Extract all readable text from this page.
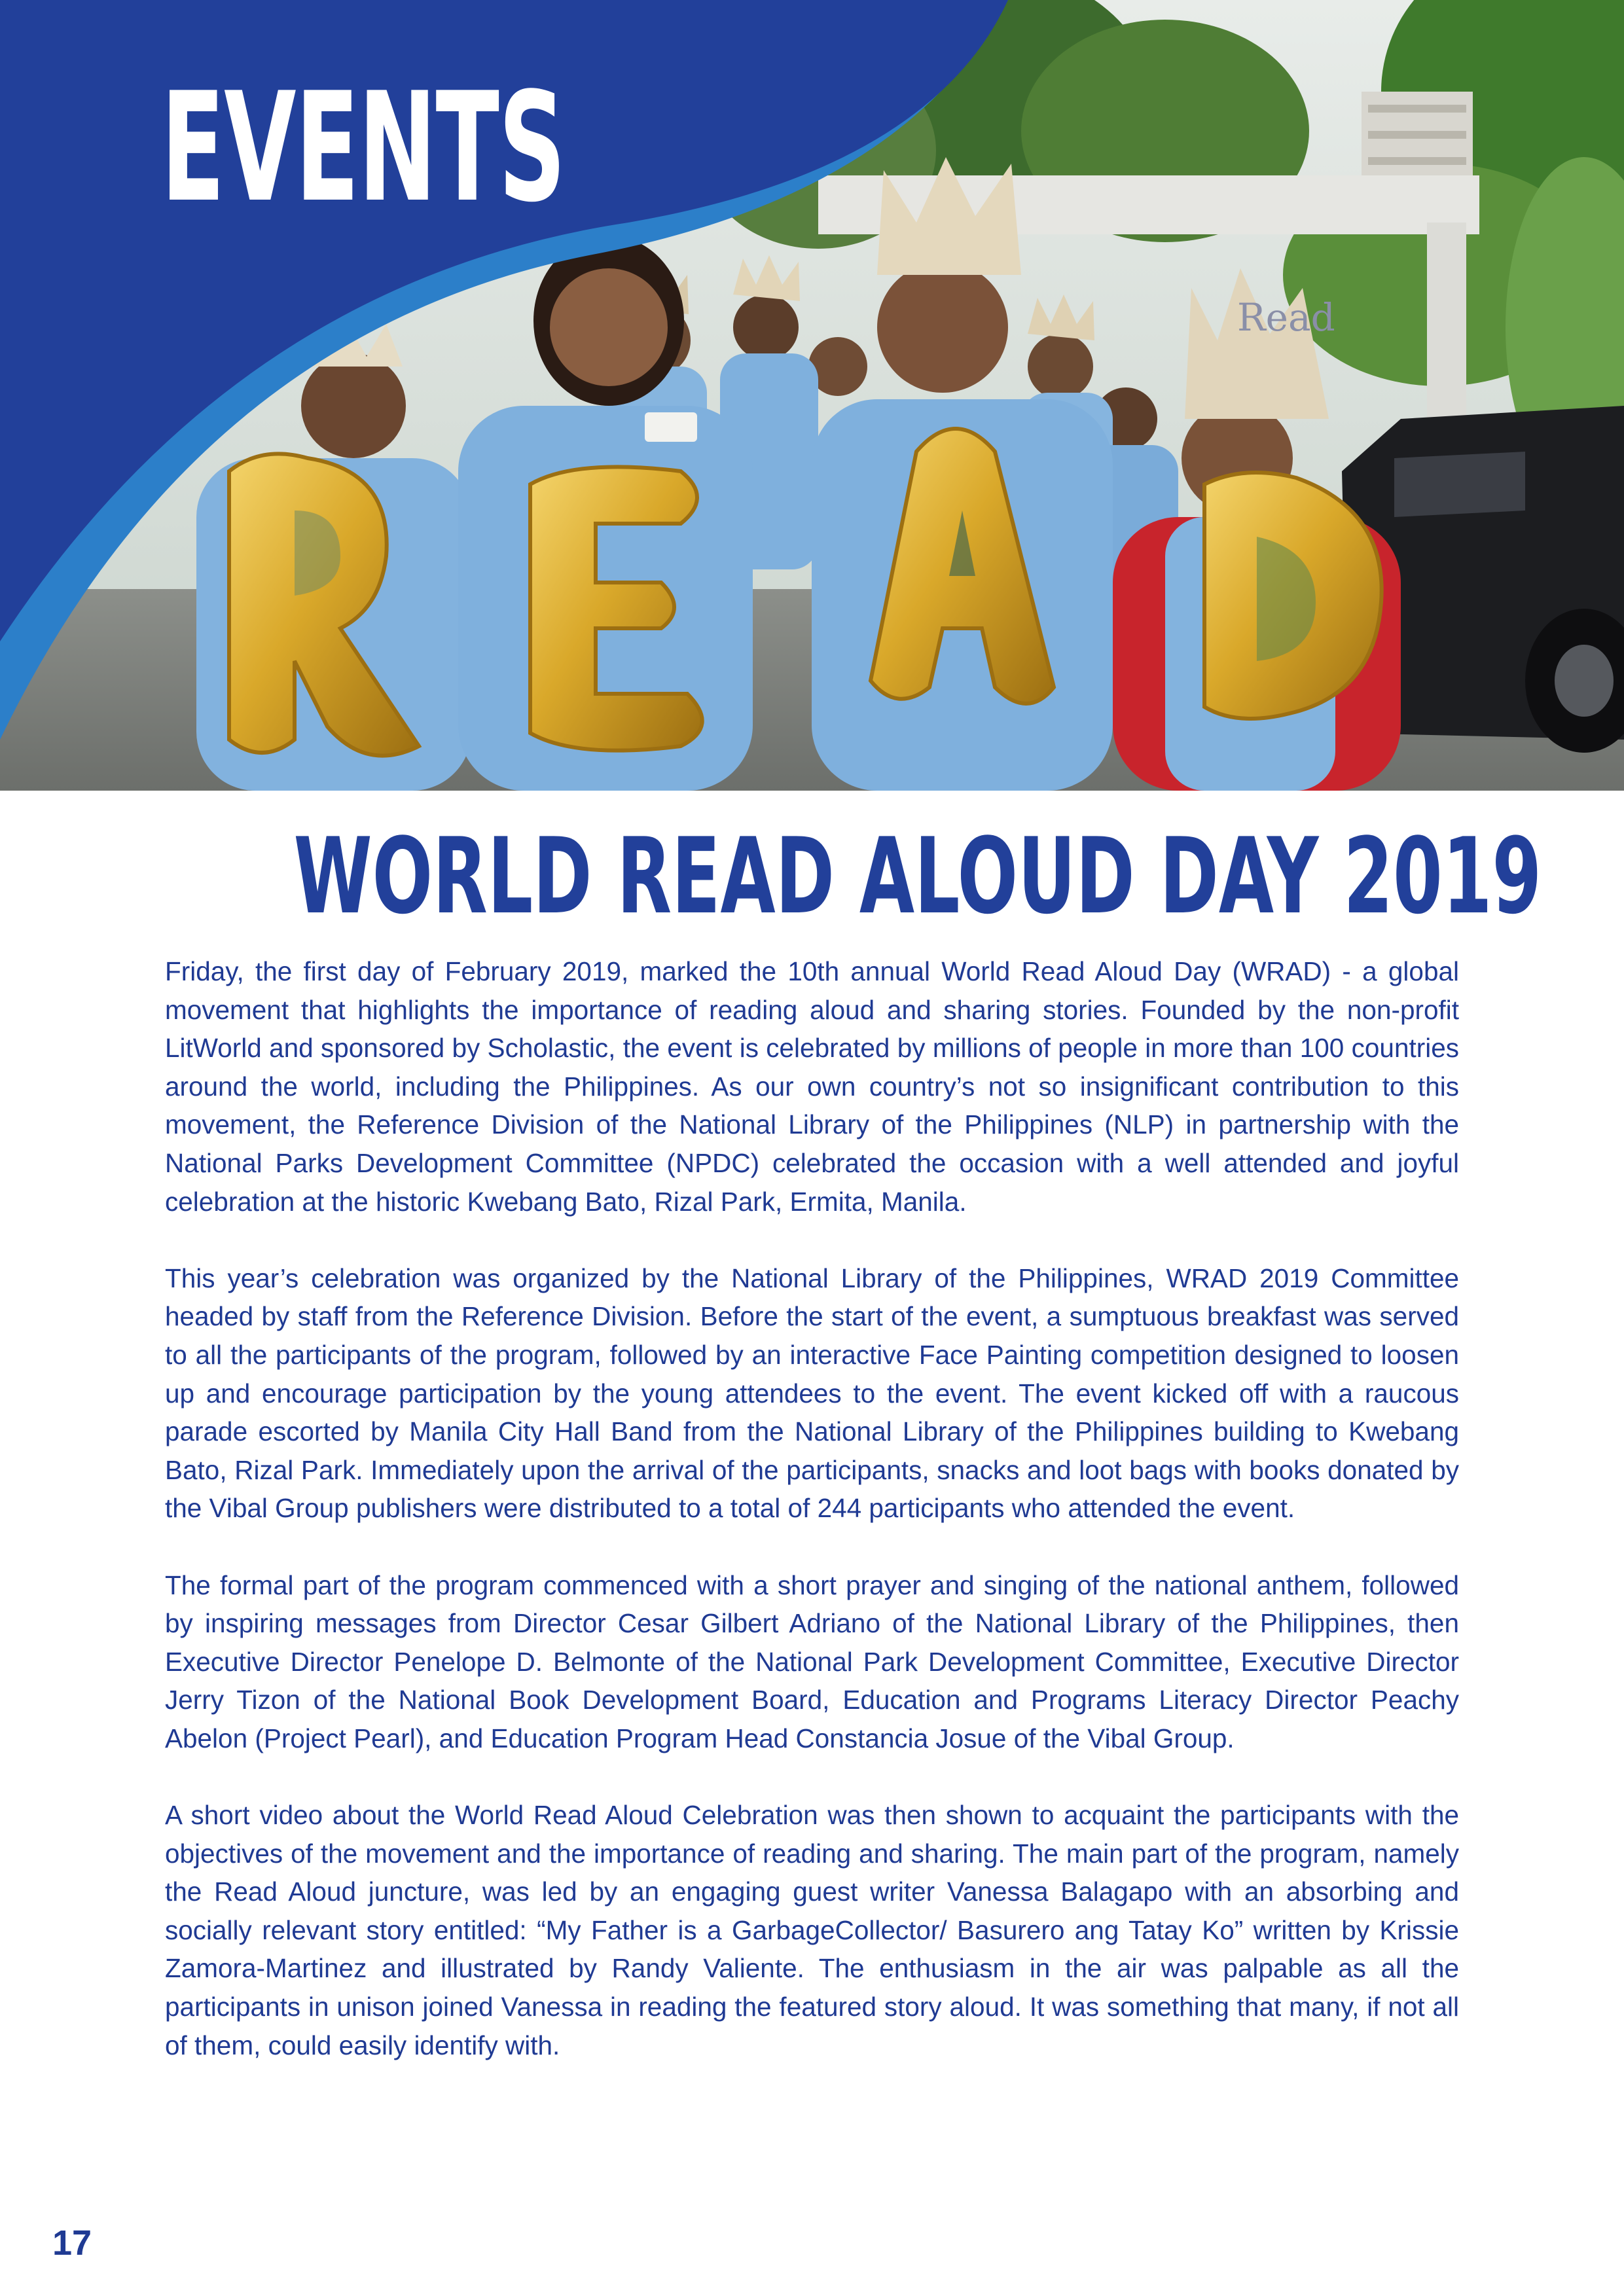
Read
EVENTS
WORLD READ ALOUD DAY 2019

Friday, the first day of February 2019, marked the 10th annual World Read Aloud Day (WRAD) - a global movement that highlights the importance of reading aloud and sharing stories. Founded by the non-profit LitWorld and sponsored by Scholastic, the event is celebrated by millions of people in more than 100 countries around the world, including the Philippines. As our own country’s not so insignificant contribution to this movement, the Reference Division of the National Library of the Philippines (NLP) in partnership with the National Parks Development Committee (NPDC) celebrated the occasion with a well attended and joyful celebration at the historic Kwebang Bato, Rizal Park, Ermita, Manila.

This year’s celebration was organized by the National Library of the Philippines, WRAD 2019 Committee headed by staff from the Reference Division. Before the start of the event, a sumptuous breakfast was served to all the participants of the program, followed by an interactive Face Painting competition designed to loosen up and encourage participation by the young attendees to the event. The event kicked off with a raucous parade escorted by Manila City Hall Band from the National Library of the Philippines building to Kwebang Bato, Rizal Park. Immediately upon the arrival of the participants, snacks and loot bags with books donated by the Vibal Group publishers were distributed to a total of 244 participants who attended the event.

The formal part of the program commenced with a short prayer and singing of the national anthem, followed by inspiring messages from Director Cesar Gilbert Adriano of the National Library of the Philippines, then Executive Director Penelope D. Belmonte of the National Park Development Committee, Executive Director Jerry Tizon of the National Book Development Board, Education and Programs Literacy Director Peachy Abelon (Project Pearl), and Education Program Head Constancia Josue of the Vibal Group.

A short video about the World Read Aloud Celebration was then shown to acquaint the participants with the objectives of the movement and the importance of reading and sharing. The main part of the program, namely the Read Aloud juncture, was led by an engaging guest writer Vanessa Balagapo with an absorbing and socially relevant story entitled: “My Father is a GarbageCollector/ Basurero ang Tatay Ko” written by Krissie Zamora-Martinez and illustrated by Randy Valiente. The enthusiasm in the air was palpable as all the participants in unison joined Vanessa in reading the featured story aloud. It was something that many, if not all of them, could easily identify with.

17
